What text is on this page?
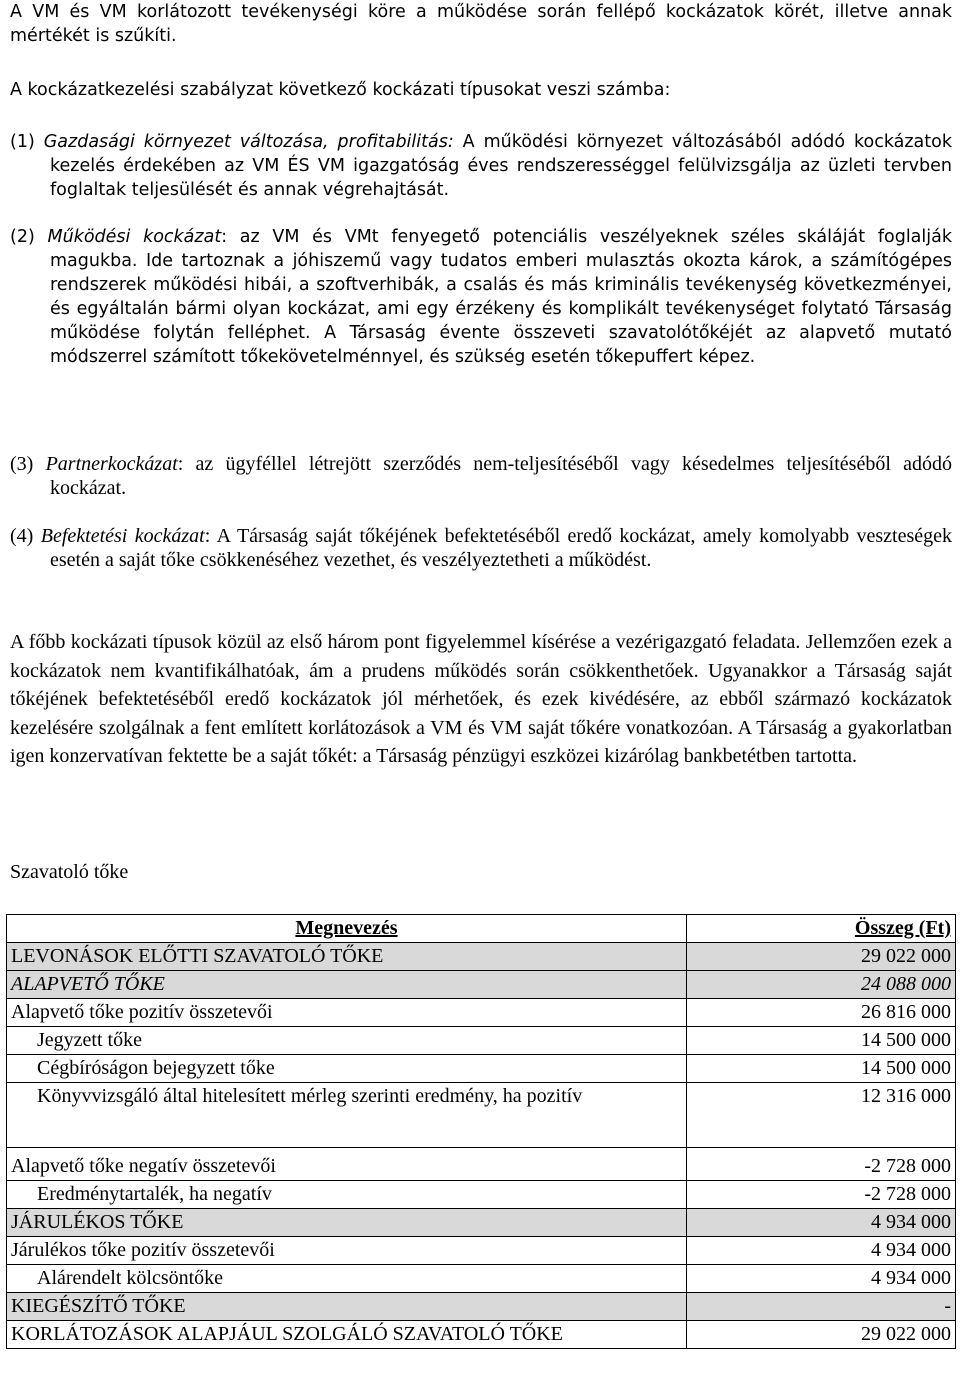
A VM és VM korlátozott tevékenységi köre a működése során fellépő kockázatok körét, illetve annak mértékét is szűkíti.

A kockázatkezelési szabályzat következő kockázati típusokat veszi számba:

(1) Gazdasági környezet változása, profitabilitás: A működési környezet változásából adódó kockázatok kezelés érdekében az VM ÉS VM igazgatóság éves rendszerességgel felülvizsgálja az üzleti tervben foglaltak teljesülését és annak végrehajtását.

(2) Működési kockázat: az VM és VMt fenyegető potenciális veszélyeknek széles skáláját foglalják magukba. Ide tartoznak a jóhiszemű vagy tudatos emberi mulasztás okozta károk, a számítógépes rendszerek működési hibái, a szoftverhibák, a csalás és más kriminális tevékenység következményei, és egyáltalán bármi olyan kockázat, ami egy érzékeny és komplikált tevékenységet folytató Társaság működése folytán felléphet. A Társaság évente összeveti szavatolótőkéjét az alapvető mutató módszerrel számított tőkekövetelménnyel, és szükség esetén tőkepuffert képez.

(3) Partnerkockázat: az ügyféllel létrejött szerződés nem-teljesítéséből vagy késedelmes teljesítéséből adódó kockázat.

(4) Befektetési kockázat: A Társaság saját tőkéjének befektetéséből eredő kockázat, amely komolyabb veszteségek esetén a saját tőke csökkenéséhez vezethet, és veszélyeztetheti a működést.

A főbb kockázati típusok közül az első három pont figyelemmel kísérése a vezérigazgató feladata. Jellemzően ezek a kockázatok nem kvantifikálhatóak, ám a prudens működés során csökkenthetőek. Ugyanakkor a Társaság saját tőkéjének befektetéséből eredő kockázatok jól mérhetőek, és ezek kivédésére, az ebből származó kockázatok kezelésére szolgálnak a fent említett korlátozások a VM és VM saját tőkére vonatkozóan. A Társaság a gyakorlatban igen konzervatívan fektette be a saját tőkét: a Társaság pénzügyi eszközei kizárólag bankbetétben tartotta.

Szavatoló tőke

Megnevezés	Összeg (Ft)
LEVONÁSOK ELŐTTI SZAVATOLÓ TŐKE	29 022 000
ALAPVETŐ TŐKE	24 088 000
Alapvető tőke pozitív összetevői	26 816 000
Jegyzett tőke	14 500 000
Cégbíróságon bejegyzett tőke	14 500 000
Könyvvizsgáló által hitelesített mérleg szerinti eredmény, ha pozitív	12 316 000
Alapvető tőke negatív összetevői	-2 728 000
Eredménytartalék, ha negatív	-2 728 000
JÁRULÉKOS TŐKE	4 934 000
Járulékos tőke pozitív összetevői	4 934 000
Alárendelt kölcsöntőke	4 934 000
KIEGÉSZÍTŐ TŐKE	-
KORLÁTOZÁSOK ALAPJÁUL SZOLGÁLÓ SZAVATOLÓ TŐKE	29 022 000
